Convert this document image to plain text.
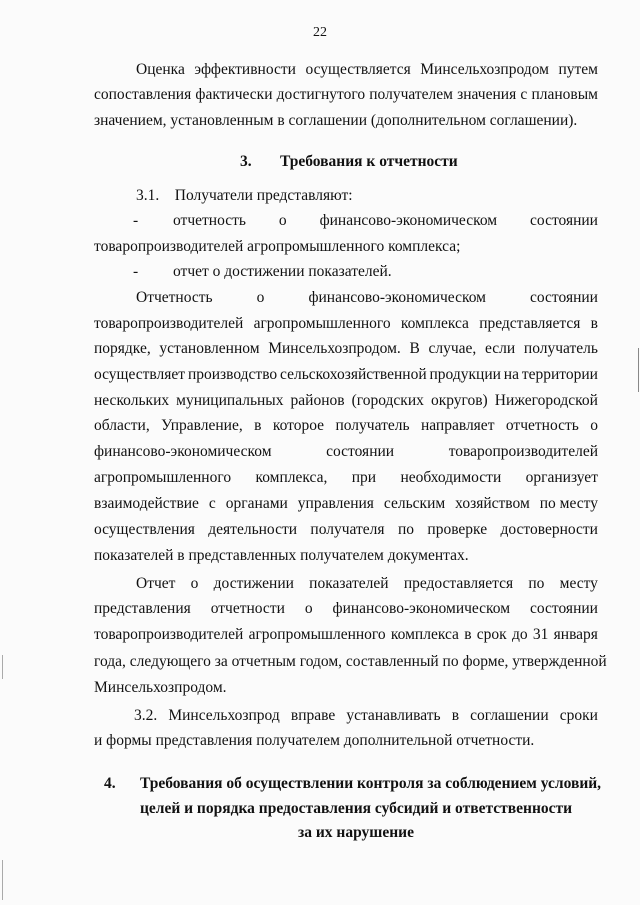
22
Оценка эффективности осуществляется Минсельхозпродом путем
сопоставления фактически достигнутого получателем значения с плановым
значением, установленным в соглашении (дополнительном соглашении).
3. Требования к отчетности
3.1.    Получатели представляют:
- отчетность о финансово-экономическом состоянии
товаропроизводителей агропромышленного комплекса;
- отчет о достижении показателей.
Отчетность	о	финансово-экономическом	состоянии
товаропроизводителей агропромышленного комплекса представляется в
порядке, установленном Минсельхозпродом. В случае, если получатель
осуществляет производство сельскохозяйственной продукции на территории
нескольких муниципальных районов (городских округов) Нижегородской
области, Управление, в которое получатель направляет отчетность о
финансово-экономическом	состоянии	товаропроизводителей
агропромышленного комплекса, при необходимости организует
взаимодействие с органами управления сельским хозяйством по месту
осуществления деятельности получателя по проверке достоверности
показателей в представленных получателем документах.
Отчет о достижении показателей предоставляется по месту
представления отчетности о финансово-экономическом состоянии
товаропроизводителей агропромышленного комплекса в срок до 31 января
года, следующего за отчетным годом, составленный по форме, утвержденной
Минсельхозпродом.
3.2. Минсельхозпрод вправе устанавливать в соглашении сроки
и формы представления получателем дополнительной отчетности.
4. Требования об осуществлении контроля за соблюдением условий,
целей и порядка предоставления субсидий и ответственности
за их нарушение
